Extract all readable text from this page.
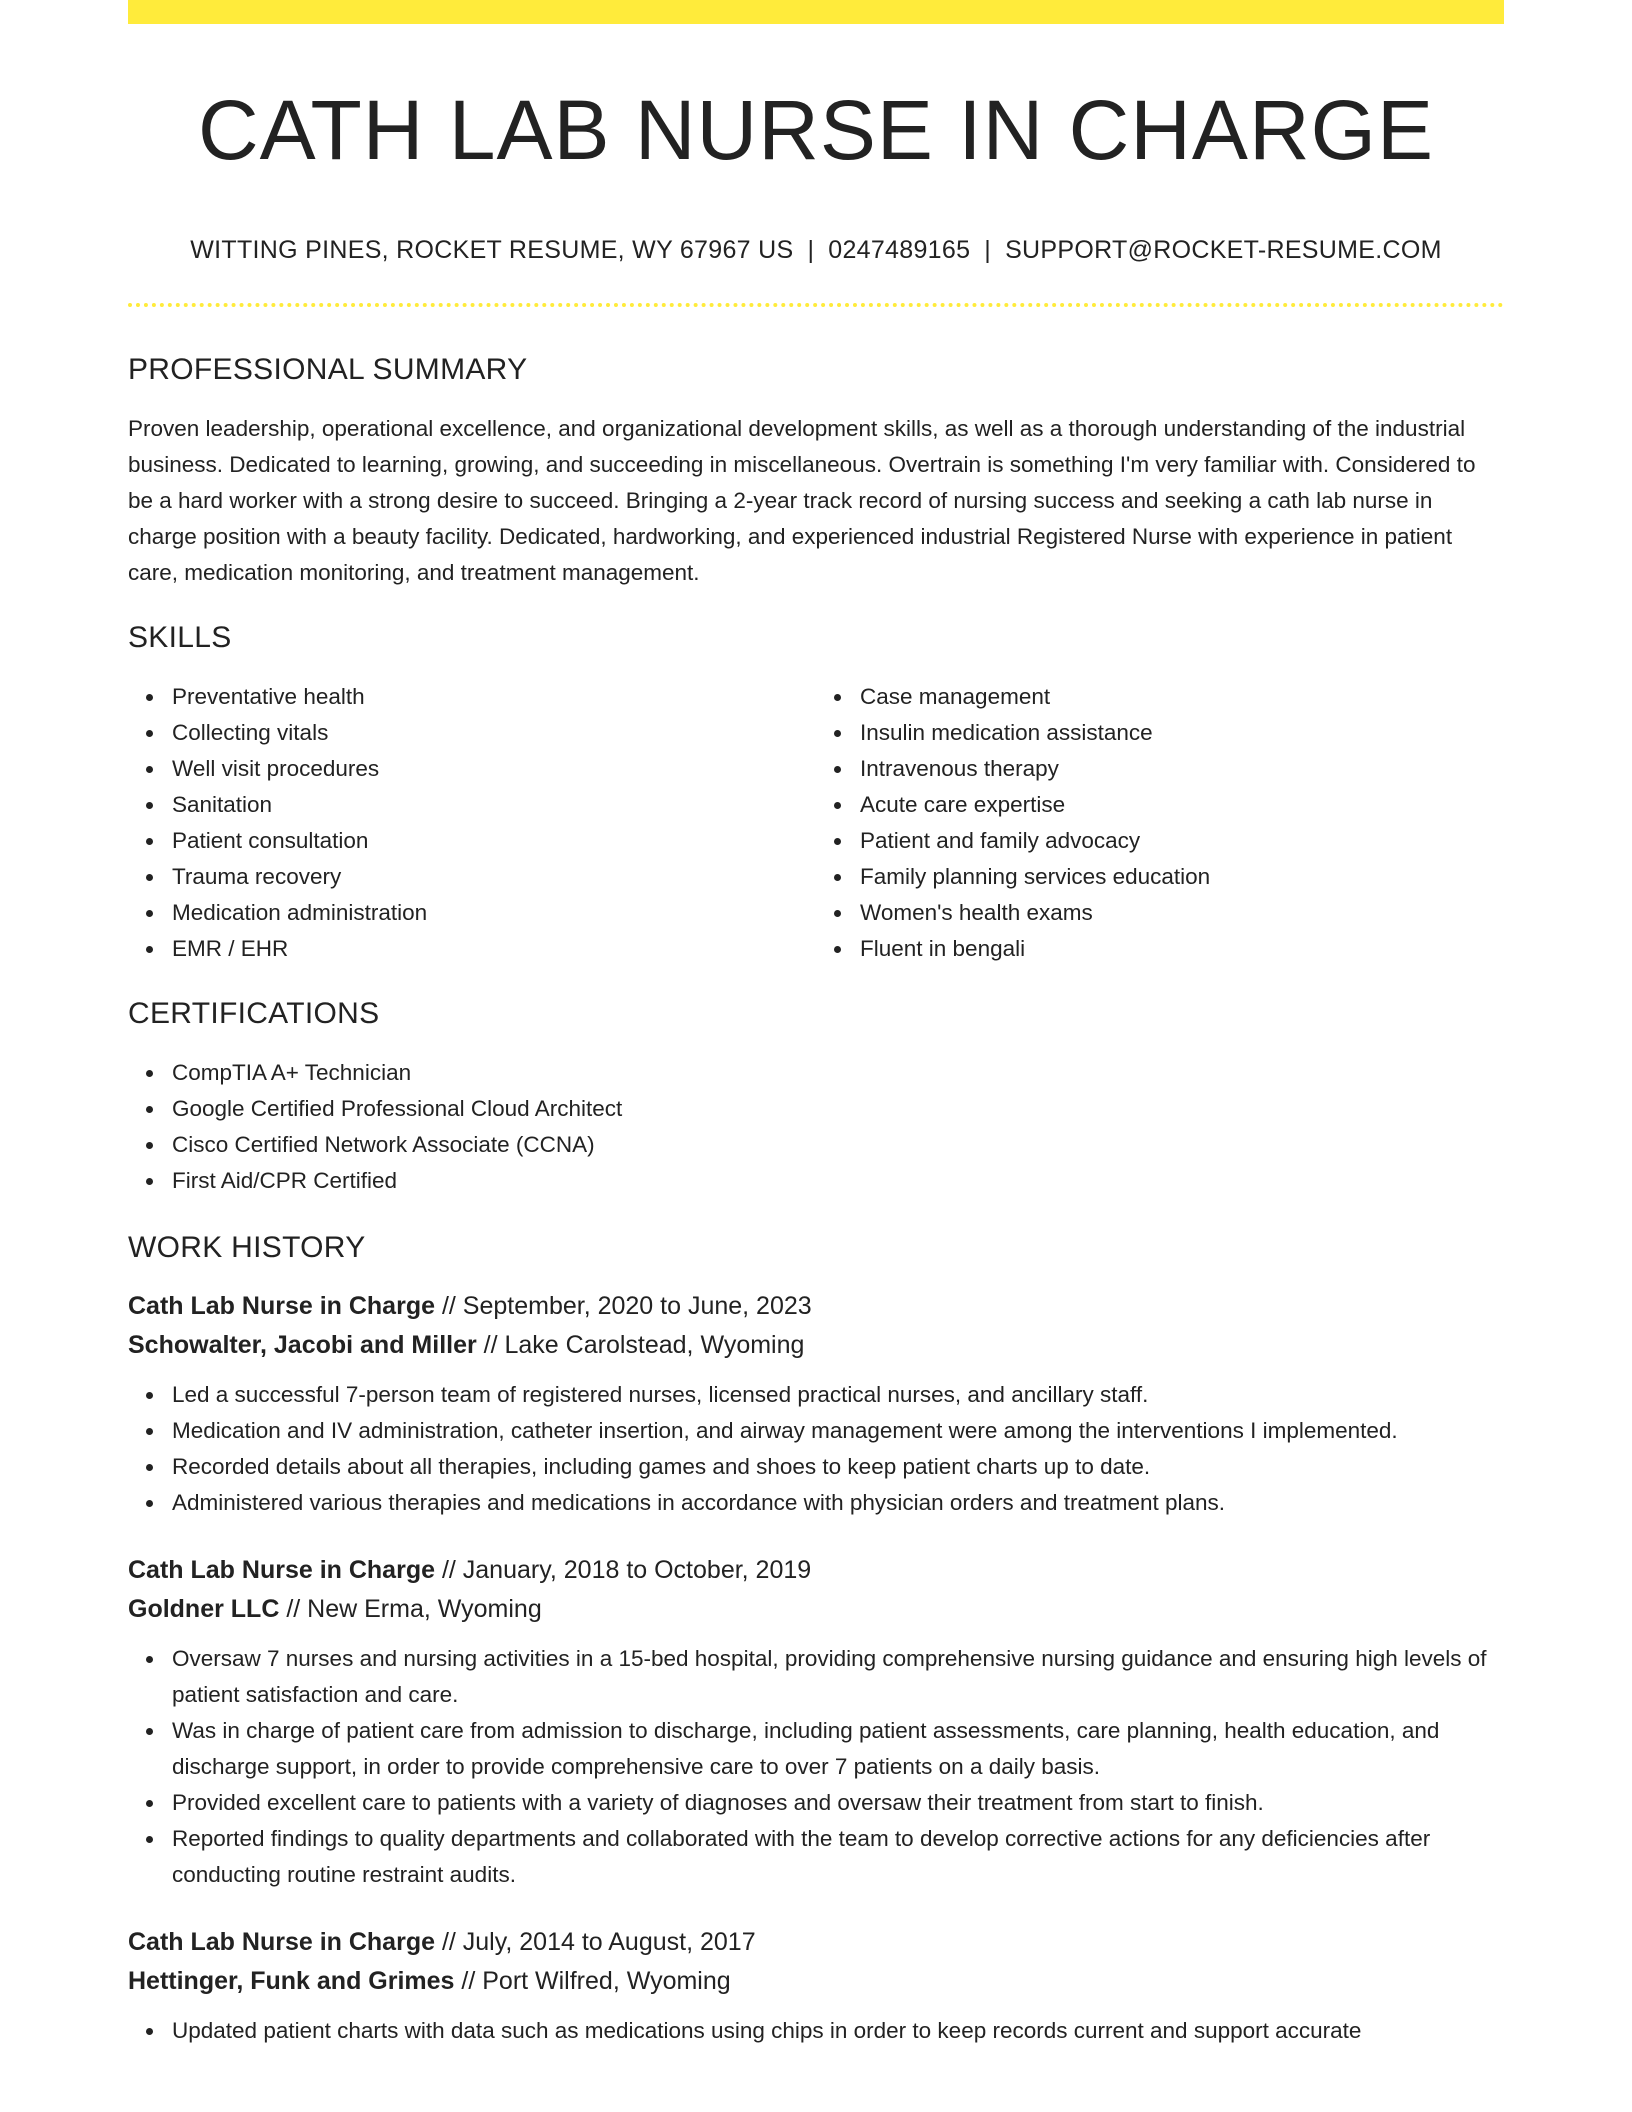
CATH LAB NURSE IN CHARGE
WITTING PINES, ROCKET RESUME, WY 67967 US | 0247489165 | SUPPORT@ROCKET-RESUME.COM
PROFESSIONAL SUMMARY

Proven leadership, operational excellence, and organizational development skills, as well as a thorough understanding of the industrial business. Dedicated to learning, growing, and succeeding in miscellaneous. Overtrain is something I'm very familiar with. Considered to be a hard worker with a strong desire to succeed. Bringing a 2-year track record of nursing success and seeking a cath lab nurse in charge position with a beauty facility. Dedicated, hardworking, and experienced industrial Registered Nurse with experience in patient care, medication monitoring, and treatment management.

SKILLS
Preventative health
Collecting vitals
Well visit procedures
Sanitation
Patient consultation
Trauma recovery
Medication administration
EMR / EHR
Case management
Insulin medication assistance
Intravenous therapy
Acute care expertise
Patient and family advocacy
Family planning services education
Women's health exams
Fluent in bengali
CERTIFICATIONS
CompTIA A+ Technician
Google Certified Professional Cloud Architect
Cisco Certified Network Associate (CCNA)
First Aid/CPR Certified
WORK HISTORY
Cath Lab Nurse in Charge // September, 2020 to June, 2023
Schowalter, Jacobi and Miller // Lake Carolstead, Wyoming
Led a successful 7-person team of registered nurses, licensed practical nurses, and ancillary staff.
Medication and IV administration, catheter insertion, and airway management were among the interventions I implemented.
Recorded details about all therapies, including games and shoes to keep patient charts up to date.
Administered various therapies and medications in accordance with physician orders and treatment plans.
Cath Lab Nurse in Charge // January, 2018 to October, 2019
Goldner LLC // New Erma, Wyoming
Oversaw 7 nurses and nursing activities in a 15-bed hospital, providing comprehensive nursing guidance and ensuring high levels of patient satisfaction and care.
Was in charge of patient care from admission to discharge, including patient assessments, care planning, health education, and discharge support, in order to provide comprehensive care to over 7 patients on a daily basis.
Provided excellent care to patients with a variety of diagnoses and oversaw their treatment from start to finish.
Reported findings to quality departments and collaborated with the team to develop corrective actions for any deficiencies after conducting routine restraint audits.
Cath Lab Nurse in Charge // July, 2014 to August, 2017
Hettinger, Funk and Grimes // Port Wilfred, Wyoming
Updated patient charts with data such as medications using chips in order to keep records current and support accurate
